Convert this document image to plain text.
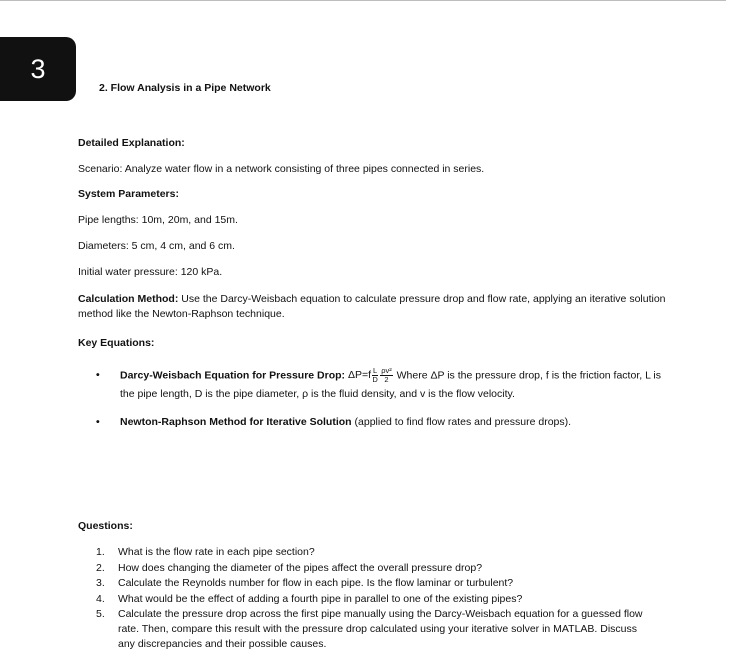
3
2. Flow Analysis in a Pipe Network
Detailed Explanation:
Scenario: Analyze water flow in a network consisting of three pipes connected in series.
System Parameters:
Pipe lengths: 10m, 20m, and 15m.
Diameters: 5 cm, 4 cm, and 6 cm.
Initial water pressure: 120 kPa.
Calculation Method: Use the Darcy-Weisbach equation to calculate pressure drop and flow rate, applying an iterative solution method like the Newton-Raphson technique.
Key Equations:
• Darcy-Weisbach Equation for Pressure Drop: $\Delta P=f \frac{L}{D} \frac{\text{ρv²}}{2}$ Where ΔP is the pressure drop, f is the friction factor, L is the pipe length, D is the pipe diameter, ρ is the fluid density, and v is the flow velocity.
• Newton-Raphson Method for Iterative Solution (applied to find flow rates and pressure drops).
Questions:
1. What is the flow rate in each pipe section?
2. How does changing the diameter of the pipes affect the overall pressure drop?
3. Calculate the Reynolds number for flow in each pipe. Is the flow laminar or turbulent?
4. What would be the effect of adding a fourth pipe in parallel to one of the existing pipes?
5. Calculate the pressure drop across the first pipe manually using the Darcy-Weisbach equation for a guessed flow rate. Then, compare this result with the pressure drop calculated using your iterative solver in MATLAB. Discuss any discrepancies and their possible causes.
